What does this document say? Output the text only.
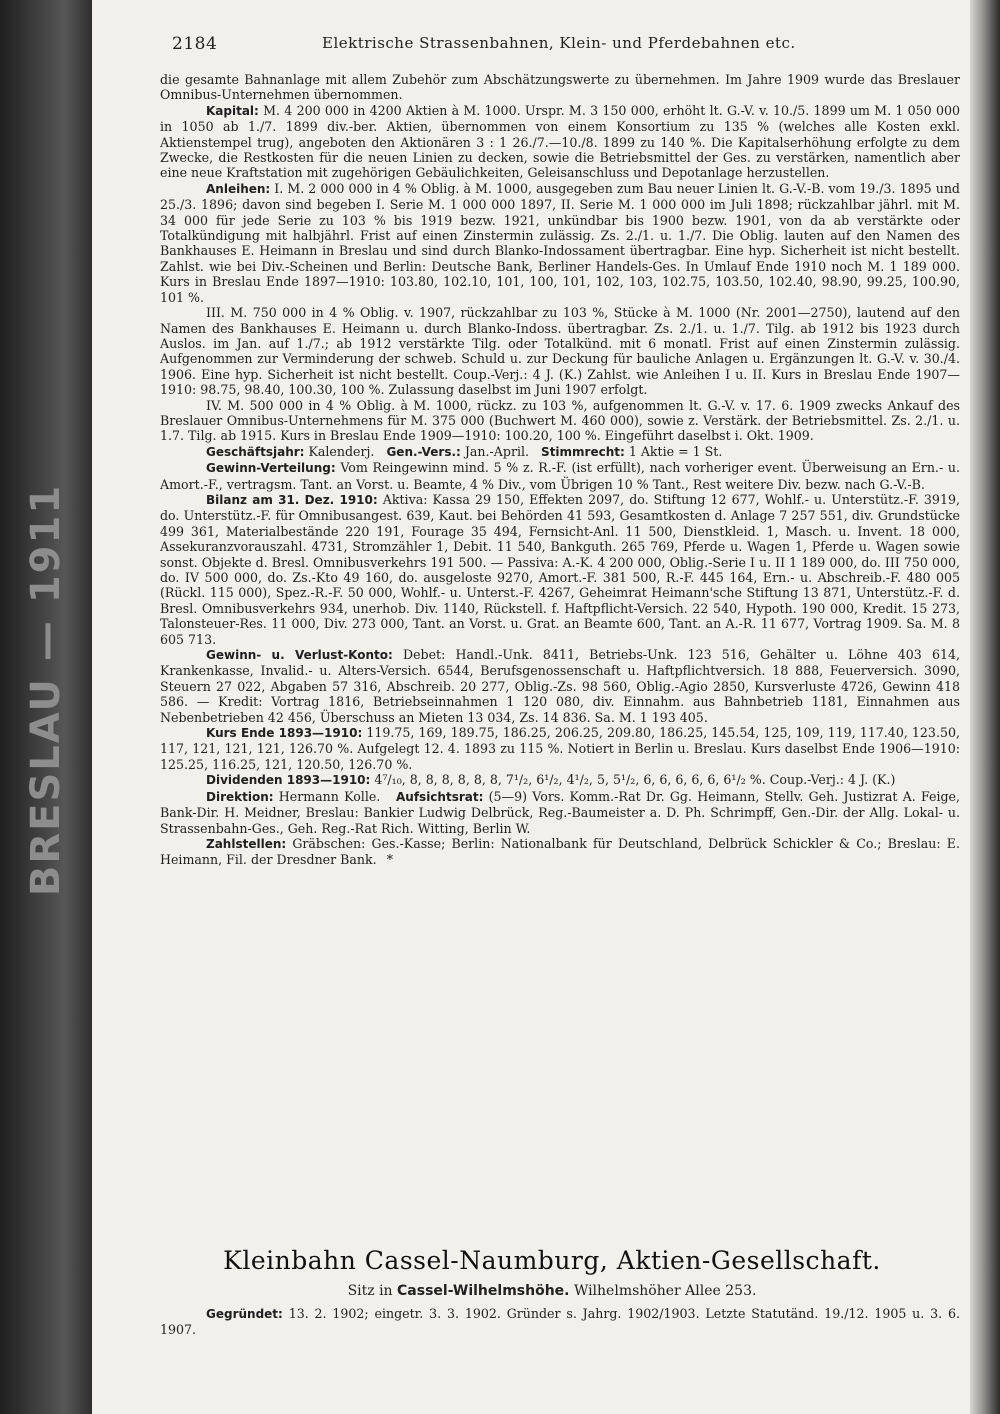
BRESLAU — 1911
2184	Elektrische Strassenbahnen, Klein- und Pferdebahnen etc.

die gesamte Bahnanlage mit allem Zubehör zum Abschätzungswerte zu übernehmen. Im Jahre 1909 wurde das Breslauer Omnibus-Unternehmen übernommen.

Kapital: M. 4 200 000 in 4200 Aktien à M. 1000. Urspr. M. 3 150 000, erhöht lt. G.-V. v. 10./5. 1899 um M. 1 050 000 in 1050 ab 1./7. 1899 div.-ber. Aktien, übernommen von einem Konsortium zu 135 % (welches alle Kosten exkl. Aktienstempel trug), angeboten den Aktionären 3 : 1 26./7.—10./8. 1899 zu 140 %. Die Kapitalserhöhung erfolgte zu dem Zwecke, die Restkosten für die neuen Linien zu decken, sowie die Betriebsmittel der Ges. zu verstärken, namentlich aber eine neue Kraftstation mit zugehörigen Gebäulichkeiten, Geleisanschluss und Depotanlage herzustellen.

Anleihen: I. M. 2 000 000 in 4 % Oblig. à M. 1000, ausgegeben zum Bau neuer Linien lt. G.-V.-B. vom 19./3. 1895 und 25./3. 1896; davon sind begeben I. Serie M. 1 000 000 1897, II. Serie M. 1 000 000 im Juli 1898; rückzahlbar jährl. mit M. 34 000 für jede Serie zu 103 % bis 1919 bezw. 1921, unkündbar bis 1900 bezw. 1901, von da ab verstärkte oder Totalkündigung mit halbjährl. Frist auf einen Zinstermin zulässig. Zs. 2./1. u. 1./7. Die Oblig. lauten auf den Namen des Bankhauses E. Heimann in Breslau und sind durch Blanko-Indossament übertragbar. Eine hyp. Sicherheit ist nicht bestellt. Zahlst. wie bei Div.-Scheinen und Berlin: Deutsche Bank, Berliner Handels-Ges. In Umlauf Ende 1910 noch M. 1 189 000. Kurs in Breslau Ende 1897—1910: 103.80, 102.10, 101, 100, 101, 102, 103, 102.75, 103.50, 102.40, 98.90, 99.25, 100.90, 101 %.

III. M. 750 000 in 4 % Oblig. v. 1907, rückzahlbar zu 103 %, Stücke à M. 1000 (Nr. 2001—2750), lautend auf den Namen des Bankhauses E. Heimann u. durch Blanko-Indoss. übertragbar. Zs. 2./1. u. 1./7. Tilg. ab 1912 bis 1923 durch Auslos. im Jan. auf 1./7.; ab 1912 verstärkte Tilg. oder Totalkünd. mit 6 monatl. Frist auf einen Zinstermin zulässig. Aufgenommen zur Verminderung der schweb. Schuld u. zur Deckung für bauliche Anlagen u. Ergänzungen lt. G.-V. v. 30./4. 1906. Eine hyp. Sicherheit ist nicht bestellt. Coup.-Verj.: 4 J. (K.) Zahlst. wie Anleihen I u. II. Kurs in Breslau Ende 1907—1910: 98.75, 98.40, 100.30, 100 %. Zulassung daselbst im Juni 1907 erfolgt.

IV. M. 500 000 in 4 % Oblig. à M. 1000, rückz. zu 103 %, aufgenommen lt. G.-V. v. 17. 6. 1909 zwecks Ankauf des Breslauer Omnibus-Unternehmens für M. 375 000 (Buchwert M. 460 000), sowie z. Verstärk. der Betriebsmittel. Zs. 2./1. u. 1.7. Tilg. ab 1915. Kurs in Breslau Ende 1909—1910: 100.20, 100 %. Eingeführt daselbst i. Okt. 1909.

Geschäftsjahr: Kalenderj. Gen.-Vers.: Jan.-April. Stimmrecht: 1 Aktie = 1 St.

Gewinn-Verteilung: Vom Reingewinn mind. 5 % z. R.-F. (ist erfüllt), nach vorheriger event. Überweisung an Ern.- u. Amort.-F., vertragsm. Tant. an Vorst. u. Beamte, 4 % Div., vom Übrigen 10 % Tant., Rest weitere Div. bezw. nach G.-V.-B.

Bilanz am 31. Dez. 1910: Aktiva: Kassa 29 150, Effekten 2097, do. Stiftung 12 677, Wohlf.- u. Unterstütz.-F. 3919, do. Unterstütz.-F. für Omnibusangest. 639, Kaut. bei Behörden 41 593, Gesamtkosten d. Anlage 7 257 551, div. Grundstücke 499 361, Materialbestände 220 191, Fourage 35 494, Fernsicht-Anl. 11 500, Dienstkleid. 1, Masch. u. Invent. 18 000, Assekuranzvorauszahl. 4731, Stromzähler 1, Debit. 11 540, Bankguth. 265 769, Pferde u. Wagen 1, Pferde u. Wagen sowie sonst. Objekte d. Bresl. Omnibusverkehrs 191 500. — Passiva: A.-K. 4 200 000, Oblig.-Serie I u. II 1 189 000, do. III 750 000, do. IV 500 000, do. Zs.-Kto 49 160, do. ausgeloste 9270, Amort.-F. 381 500, R.-F. 445 164, Ern.- u. Abschreib.-F. 480 005 (Rückl. 115 000), Spez.-R.-F. 50 000, Wohlf.- u. Unterst.-F. 4267, Geheimrat Heimann'sche Stiftung 13 871, Unterstütz.-F. d. Bresl. Omnibusverkehrs 934, unerhob. Div. 1140, Rückstell. f. Haftpflicht-Versich. 22 540, Hypoth. 190 000, Kredit. 15 273, Talonsteuer-Res. 11 000, Div. 273 000, Tant. an Vorst. u. Grat. an Beamte 600, Tant. an A.-R. 11 677, Vortrag 1909. Sa. M. 8 605 713.

Gewinn- u. Verlust-Konto: Debet: Handl.-Unk. 8411, Betriebs-Unk. 123 516, Gehälter u. Löhne 403 614, Krankenkasse, Invalid.- u. Alters-Versich. 6544, Berufsgenossenschaft u. Haftpflichtversich. 18 888, Feuerversich. 3090, Steuern 27 022, Abgaben 57 316, Abschreib. 20 277, Oblig.-Zs. 98 560, Oblig.-Agio 2850, Kursverluste 4726, Gewinn 418 586. — Kredit: Vortrag 1816, Betriebseinnahmen 1 120 080, div. Einnahm. aus Bahnbetrieb 1181, Einnahmen aus Nebenbetrieben 42 456, Überschuss an Mieten 13 034, Zs. 14 836. Sa. M. 1 193 405.

Kurs Ende 1893—1910: 119.75, 169, 189.75, 186.25, 206.25, 209.80, 186.25, 145.54, 125, 109, 119, 117.40, 123.50, 117, 121, 121, 121, 126.70 %. Aufgelegt 12. 4. 1893 zu 115 %. Notiert in Berlin u. Breslau. Kurs daselbst Ende 1906—1910: 125.25, 116.25, 121, 120.50, 126.70 %.

Dividenden 1893—1910: 4⁷/₁₀, 8, 8, 8, 8, 8, 8, 7¹/₂, 6¹/₂, 4¹/₂, 5, 5¹/₂, 6, 6, 6, 6, 6, 6¹/₂ %. Coup.-Verj.: 4 J. (K.)

Direktion: Hermann Kolle. Aufsichtsrat: (5—9) Vors. Komm.-Rat Dr. Gg. Heimann, Stellv. Geh. Justizrat A. Feige, Bank-Dir. H. Meidner, Breslau: Bankier Ludwig Delbrück, Reg.-Baumeister a. D. Ph. Schrimpff, Gen.-Dir. der Allg. Lokal- u. Strassenbahn-Ges., Geh. Reg.-Rat Rich. Witting, Berlin W.

Zahlstellen: Gräbschen: Ges.-Kasse; Berlin: Nationalbank für Deutschland, Delbrück Schickler & Co.; Breslau: E. Heimann, Fil. der Dresdner Bank. *

Kleinbahn Cassel-Naumburg, Aktien-Gesellschaft.
Sitz in Cassel-Wilhelmshöhe. Wilhelmshöher Allee 253.

Gegründet: 13. 2. 1902; eingetr. 3. 3. 1902. Gründer s. Jahrg. 1902/1903. Letzte Statutänd. 19./12. 1905 u. 3. 6. 1907.
